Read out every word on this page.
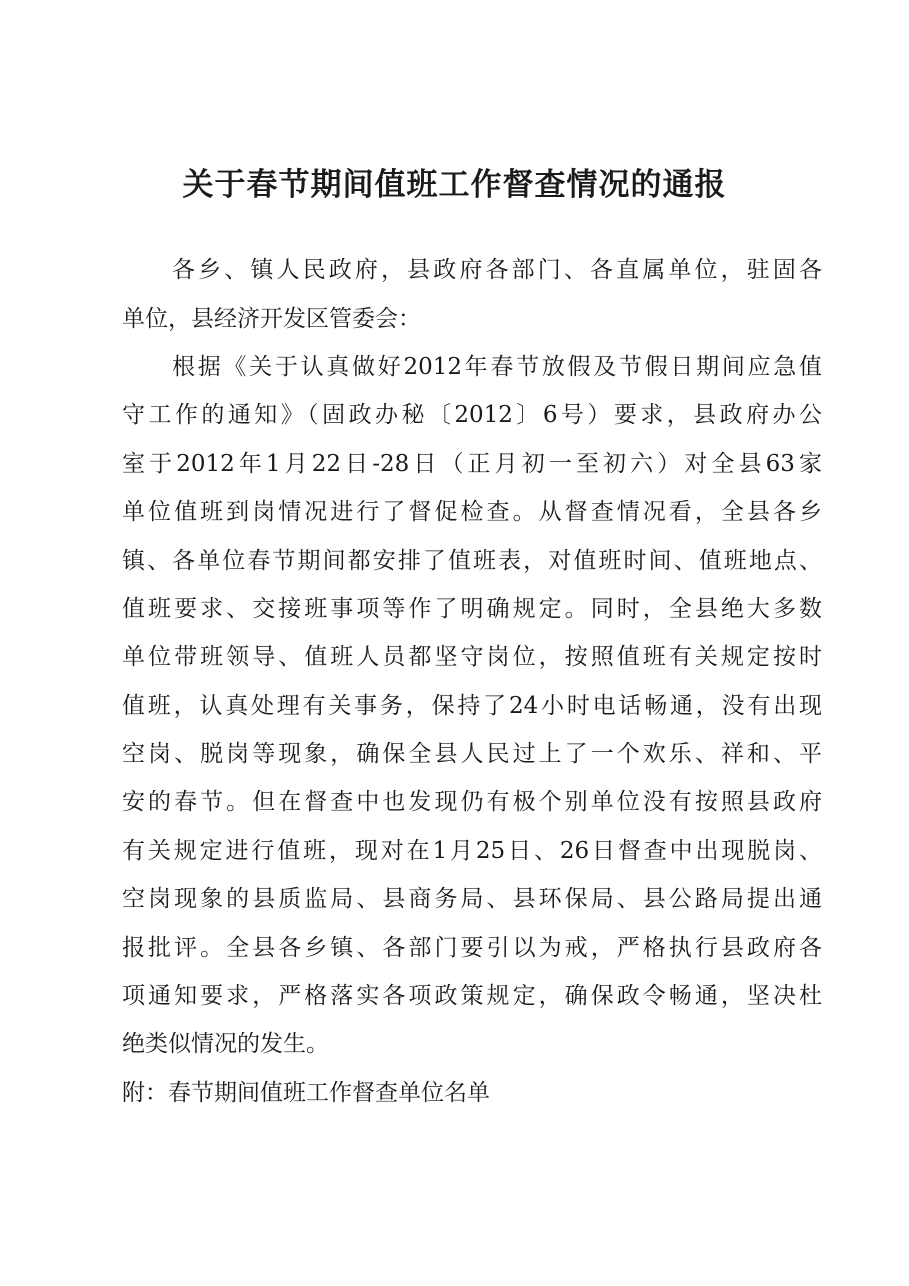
关于春节期间值班工作督查情况的通报

各乡、镇人民政府，县政府各部门、各直属单位，驻固各

单位，县经济开发区管委会：

根据《关于认真做好2012年春节放假及节假日期间应急值

守工作的通知》（固政办秘〔2012〕6号）要求，县政府办公

室于2012年1月22日-28日（正月初一至初六）对全县63家

单位值班到岗情况进行了督促检查。从督查情况看，全县各乡

镇、各单位春节期间都安排了值班表，对值班时间、值班地点、

值班要求、交接班事项等作了明确规定。同时，全县绝大多数

单位带班领导、值班人员都坚守岗位，按照值班有关规定按时

值班，认真处理有关事务，保持了24小时电话畅通，没有出现

空岗、脱岗等现象，确保全县人民过上了一个欢乐、祥和、平

安的春节。但在督查中也发现仍有极个别单位没有按照县政府

有关规定进行值班，现对在1月25日、26日督查中出现脱岗、

空岗现象的县质监局、县商务局、县环保局、县公路局提出通

报批评。全县各乡镇、各部门要引以为戒，严格执行县政府各

项通知要求，严格落实各项政策规定，确保政令畅通，坚决杜

绝类似情况的发生。

附：春节期间值班工作督查单位名单
